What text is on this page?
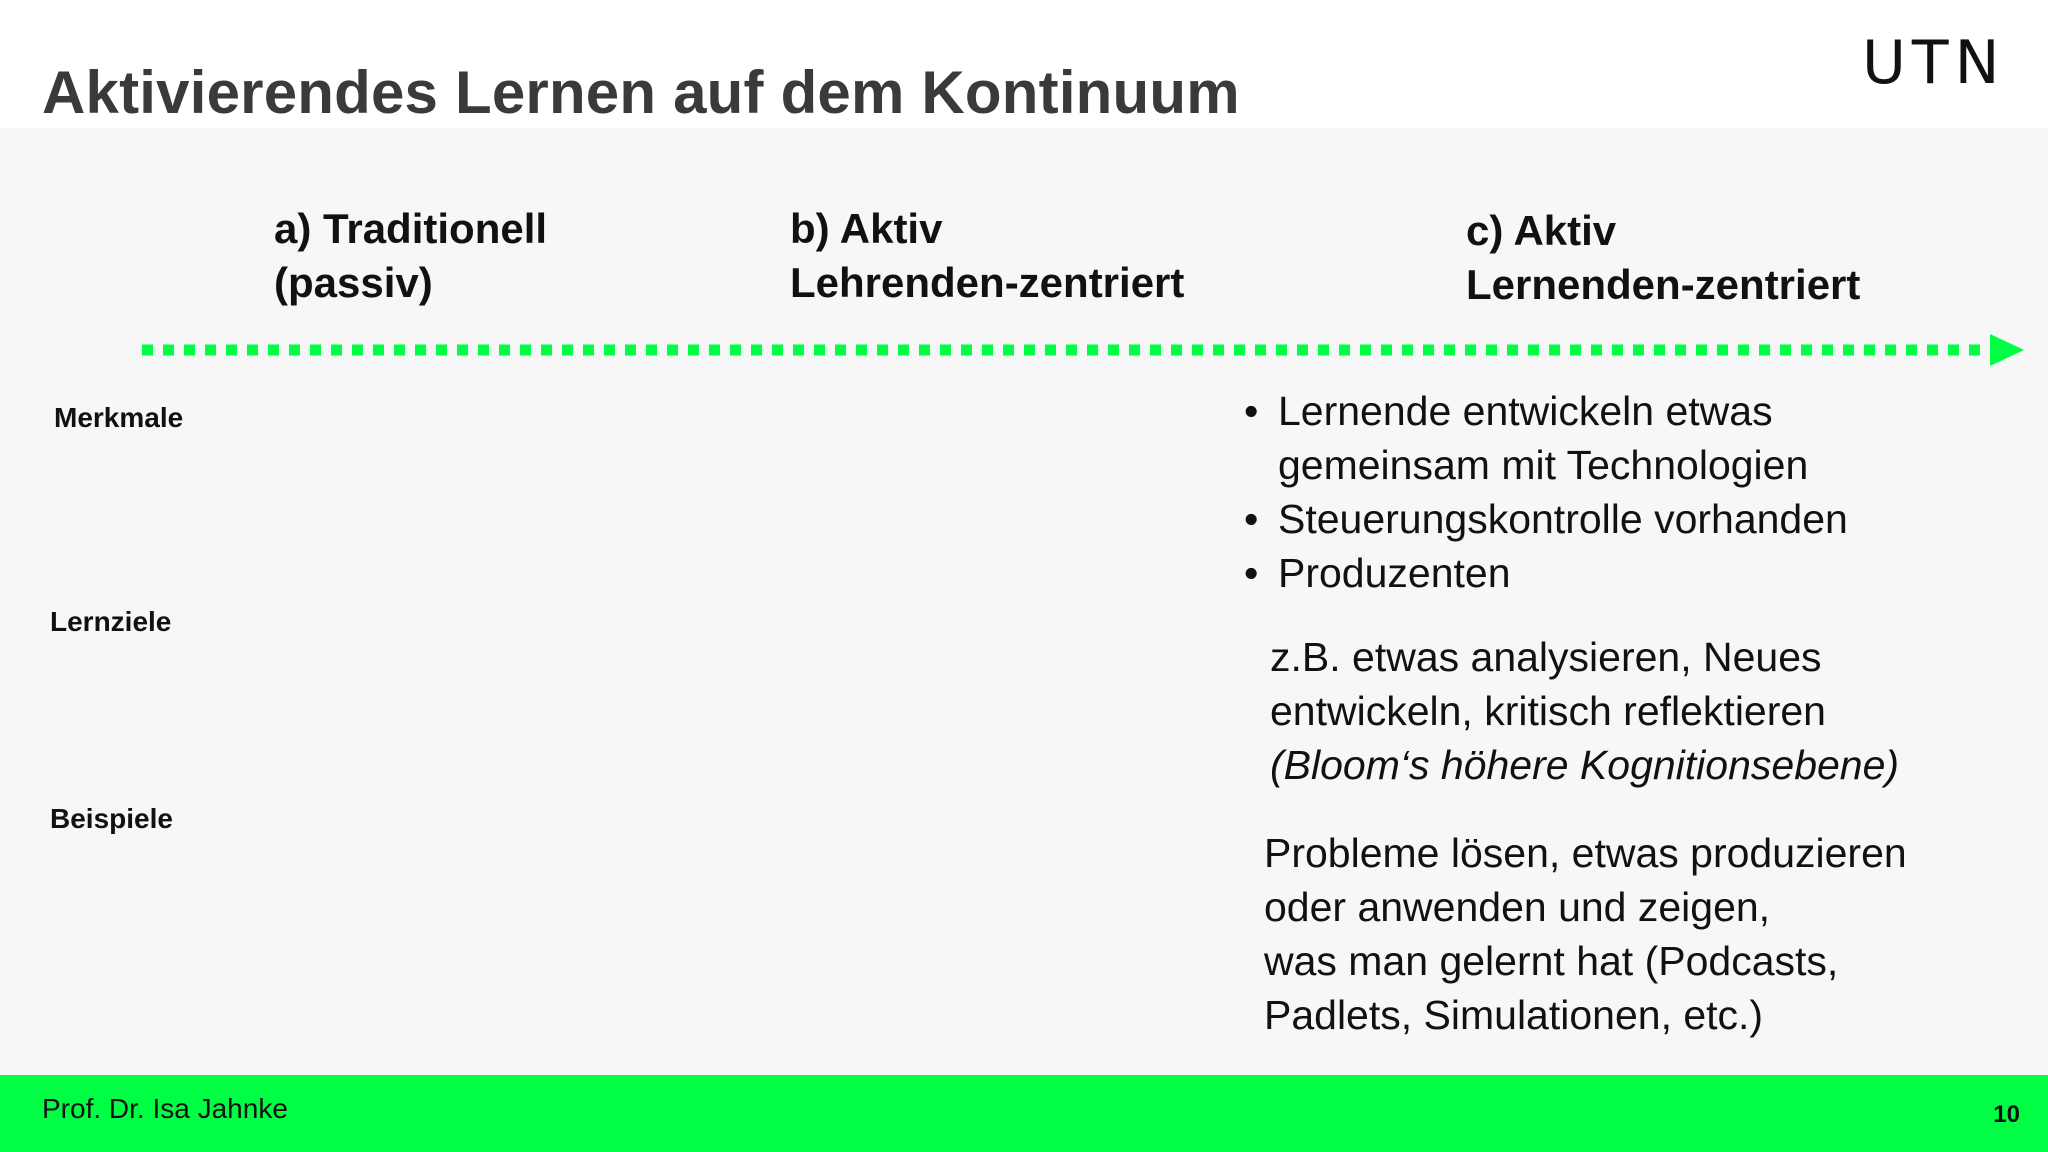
Aktivierendes Lernen auf dem Kontinuum	UTN
a) Traditionell
(passiv)
b) Aktiv
Lehrenden-zentriert
c) Aktiv
Lernenden-zentriert
Merkmale
Lernziele
Beispiele
• Lernende entwickeln etwas
gemeinsam mit Technologien
• Steuerungskontrolle vorhanden
• Produzenten
z.B. etwas analysieren, Neues
entwickeln, kritisch reflektieren
(Bloom‘s höhere Kognitionsebene)
Probleme lösen, etwas produzieren
oder anwenden und zeigen,
was man gelernt hat (Podcasts,
Padlets, Simulationen, etc.)
Prof. Dr. Isa Jahnke	10
